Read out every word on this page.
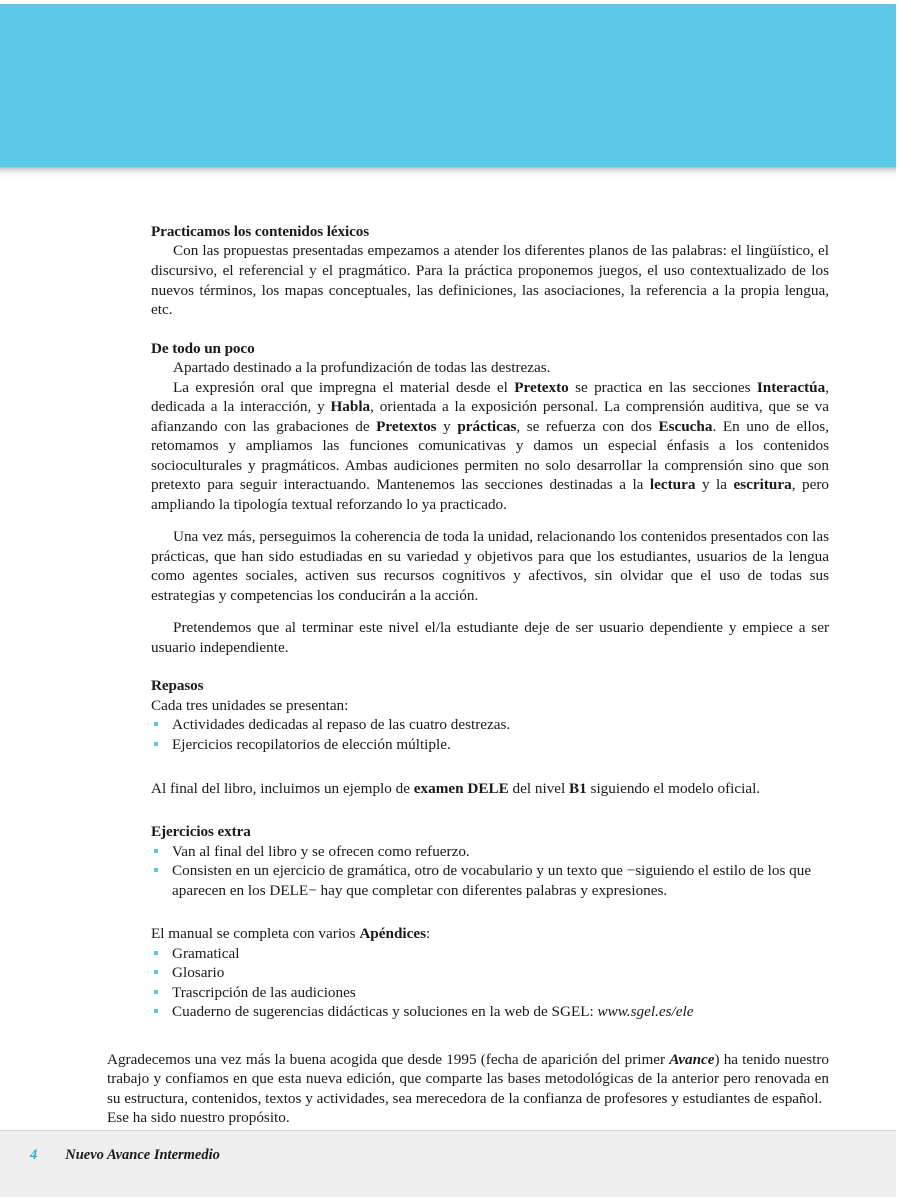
Practicamos los contenidos léxicos

Con las propuestas presentadas empezamos a atender los diferentes planos de las palabras: el lingüístico, el discursivo, el referencial y el pragmático. Para la práctica proponemos juegos, el uso contextualizado de los nuevos términos, los mapas conceptuales, las definiciones, las asociaciones, la referencia a la propia lengua, etc.

De todo un poco

Apartado destinado a la profundización de todas las destrezas.

La expresión oral que impregna el material desde el Pretexto se practica en las secciones Interactúa, dedicada a la interacción, y Habla, orientada a la exposición personal. La comprensión auditiva, que se va afianzando con las grabaciones de Pretextos y prácticas, se refuerza con dos Escucha. En uno de ellos, retomamos y ampliamos las funciones comunicativas y damos un especial énfasis a los contenidos socioculturales y pragmáticos. Ambas audiciones permiten no solo desarrollar la comprensión sino que son pretexto para seguir interactuando. Mantenemos las secciones destinadas a la lectura y la escritura, pero ampliando la tipología textual reforzando lo ya practicado.

Una vez más, perseguimos la coherencia de toda la unidad, relacionando los contenidos presentados con las prácticas, que han sido estudiadas en su variedad y objetivos para que los estudiantes, usuarios de la lengua como agentes sociales, activen sus recursos cognitivos y afectivos, sin olvidar que el uso de todas sus estrategias y competencias los conducirán a la acción.

Pretendemos que al terminar este nivel el/la estudiante deje de ser usuario dependiente y empiece a ser usuario independiente.

Repasos

Cada tres unidades se presentan:

Actividades dedicadas al repaso de las cuatro destrezas.
Ejercicios recopilatorios de elección múltiple.

Al final del libro, incluimos un ejemplo de examen DELE del nivel B1 siguiendo el modelo oficial.

Ejercicios extra
Van al final del libro y se ofrecen como refuerzo.
Consisten en un ejercicio de gramática, otro de vocabulario y un texto que −siguiendo el estilo de los que aparecen en los DELE− hay que completar con diferentes palabras y expresiones.

El manual se completa con varios Apéndices:

Gramatical
Glosario
Trascripción de las audiciones
Cuaderno de sugerencias didácticas y soluciones en la web de SGEL: www.sgel.es/ele

Agradecemos una vez más la buena acogida que desde 1995 (fecha de aparición del primer Avance) ha tenido nuestro trabajo y confiamos en que esta nueva edición, que comparte las bases metodológicas de la anterior pero renovada en su estructura, contenidos, textos y actividades, sea merecedora de la confianza de profesores y estudiantes de español.

Ese ha sido nuestro propósito.

4 Nuevo Avance Intermedio
